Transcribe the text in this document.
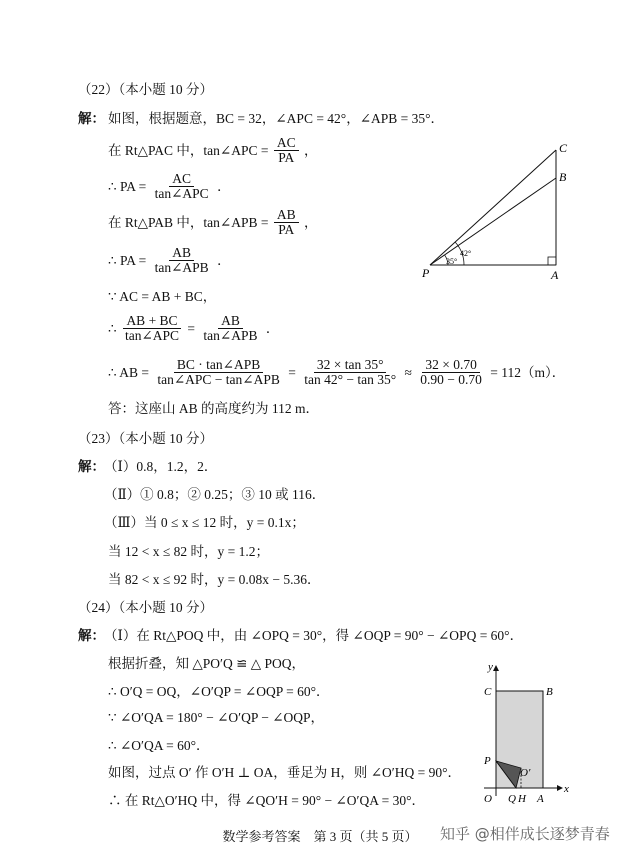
（22）（本小题 10 分）
解： 如图，根据题意，BC = 32，∠APC = 42°，∠APB = 35°．
在 Rt△PAC 中，tan∠APC = $\frac{AC}{PA}$ ，
∴ PA = $\frac{AC}{\text{tan∠APC}}$ ．
在 Rt△PAB 中，tan∠APB = $\frac{AB}{PA}$ ，
∴ PA = $\frac{AB}{\text{tan∠APB}}$ ．
∵ AC = AB + BC，
∴ $\frac{AB + BC}{\text{tan∠APC}} = \frac{AB}{\text{tan∠APB}}$ ．
∴ AB = $\frac{\text{BC · tan∠APB}}{\text{tan∠APC − tan∠APB}} = \frac{32 \times \tan 35^\circ}{\tan 42^\circ - \tan 35^\circ} \approx \frac{32 \times 0.70}{0.90 - 0.70} = 112(m)$．
答：这座山 AB 的高度约为 112 m．
C
B
P	A
35°
42°
（23）（本小题 10 分）
解： （Ⅰ）0.8，1.2，2．
（Ⅱ）① 0.8；② 0.25；③ 10 或 116．
（Ⅲ）当 0 ≤ x ≤ 12 时，y = 0.1x；
当 12 < x ≤ 82 时，y = 1.2；
当 82 < x ≤ 92 时，y = 0.08x − 5.36．
（24）（本小题 10 分）
解： （Ⅰ）在 Rt△POQ 中，由 ∠OPQ = 30°，得 ∠OQP = 90° − ∠OPQ = 60°．
根据折叠，知 △PO′Q ≌ △ POQ，
∴ O′Q = OQ，∠O′QP = ∠OQP = 60°．
∵ ∠O′QA = 180° − ∠O′QP − ∠OQP，
∴ ∠O′QA = 60°．
如图，过点 O′ 作 O′H ⊥ OA，垂足为 H，则 ∠O′HQ = 90°．
∴ 在 Rt△O′HQ 中，得 ∠QO′H = 90° − ∠O′QA = 30°．
y
x
C	B
P
O Q H A
O′
数学参考答案　第 3 页（共 5 页）	知乎 @相伴成长逐梦青春
